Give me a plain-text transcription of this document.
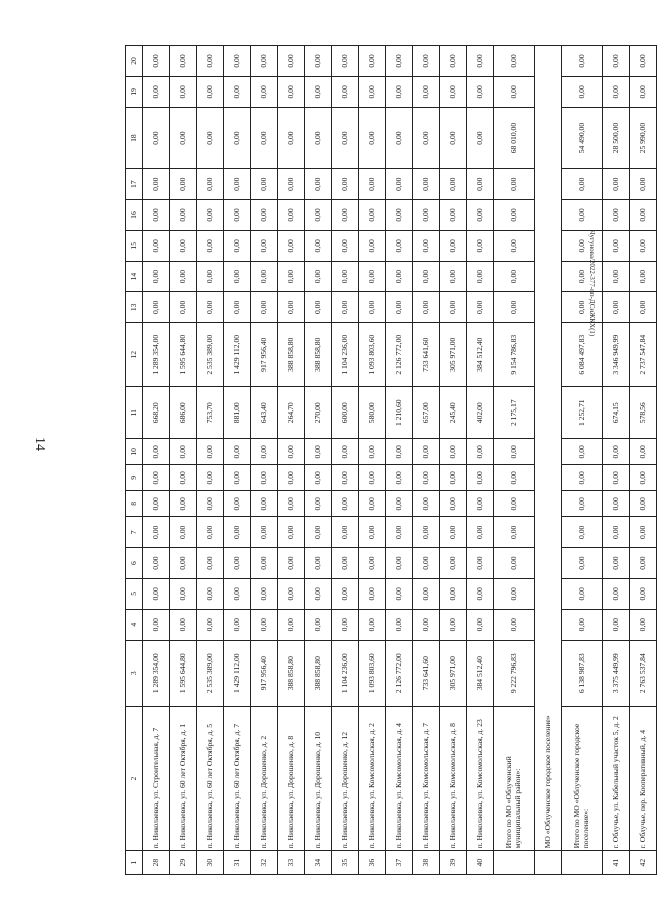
14
1	2	3	4	5	6	7	8	9	10	11	12	13	14	15	16	17	18	19	20
28	п. Николаевка, ул. Строительная, д. 7	1 289 354,00	0,00	0,00	0,00	0,00	0,00	0,00	0,00	668,20	1 289 354,00	0,00	0,00	0,00	0,00	0,00	0,00	0,00	0,00
29	п. Николаевка, ул. 60 лет Октября, д. 1	1 595 644,80	0,00	0,00	0,00	0,00	0,00	0,00	0,00	686,00	1 595 644,80	0,00	0,00	0,00	0,00	0,00	0,00	0,00	0,00
30	п. Николаевка, ул. 60 лет Октября, д. 5	2 535 389,00	0,00	0,00	0,00	0,00	0,00	0,00	0,00	753,70	2 535 389,00	0,00	0,00	0,00	0,00	0,00	0,00	0,00	0,00
31	п. Николаевка, ул. 60 лет Октября, д. 7	1 429 112,00	0,00	0,00	0,00	0,00	0,00	0,00	0,00	881,00	1 429 112,00	0,00	0,00	0,00	0,00	0,00	0,00	0,00	0,00
32	п. Николаевка, ул. Дорошенко, д. 2	917 956,40	0,00	0,00	0,00	0,00	0,00	0,00	0,00	643,40	917 956,40	0,00	0,00	0,00	0,00	0,00	0,00	0,00	0,00
33	п. Николаевка, ул. Дорошенко, д. 8	388 858,80	0,00	0,00	0,00	0,00	0,00	0,00	0,00	264,70	388 858,80	0,00	0,00	0,00	0,00	0,00	0,00	0,00	0,00
34	п. Николаевка, ул. Дорошенко, д. 10	388 858,80	0,00	0,00	0,00	0,00	0,00	0,00	0,00	270,00	388 858,80	0,00	0,00	0,00	0,00	0,00	0,00	0,00	0,00
35	п. Николаевка, ул. Дорошенко, д. 12	1 104 236,00	0,00	0,00	0,00	0,00	0,00	0,00	0,00	600,00	1 104 236,00	0,00	0,00	0,00	0,00	0,00	0,00	0,00	0,00
36	п. Николаевка, ул. Комсомольская, д. 2	1 093 803,60	0,00	0,00	0,00	0,00	0,00	0,00	0,00	580,00	1 093 803,60	0,00	0,00	0,00	0,00	0,00	0,00	0,00	0,00
37	п. Николаевка, ул. Комсомольская, д. 4	2 126 772,00	0,00	0,00	0,00	0,00	0,00	0,00	0,00	1 210,60	2 126 772,00	0,00	0,00	0,00	0,00	0,00	0,00	0,00	0,00
38	п. Николаевка, ул. Комсомольская, д. 7	733 641,60	0,00	0,00	0,00	0,00	0,00	0,00	0,00	657,00	733 641,60	0,00	0,00	0,00	0,00	0,00	0,00	0,00	0,00
39	п. Николаевка, ул. Комсомольская, д. 8	305 971,00	0,00	0,00	0,00	0,00	0,00	0,00	0,00	245,40	305 971,00	0,00	0,00	0,00	0,00	0,00	0,00	0,00	0,00
40	п. Николаевка, ул. Комсомольская, д. 23	384 512,40	0,00	0,00	0,00	0,00	0,00	0,00	0,00	402,00	384 512,40	0,00	0,00	0,00	0,00	0,00	0,00	0,00	0,00
	Итого по МО «Облученский муниципальный район»:	9 222 796,83	0,00	0,00	0,00	0,00	0,00	0,00	0,00	2 175,17	9 154 786,83	0,00	0,00	0,00	0,00	0,00	68 010,00	0,00	0,00
	МО «Облученское городское поселение»																		
	Итого по МО «Облученское городское поселение»:	6 138 987,83	0,00	0,00	0,00	0,00	0,00	0,00	0,00	1 252,71	6 084 497,83	0,00	0,00	0,00	0,00	0,00	54 490,00	0,00	0,00
41	г. Облучье, ул. Кабельный участок 5, д. 2	3 375 449,99	0,00	0,00	0,00	0,00	0,00	0,00	0,00	674,15	3 346 949,99	0,00	0,00	0,00	0,00	0,00	28 500,00	0,00	0,00
42	г. Облучье, пер. Кооперативный, д. 4	2 763 537,84	0,00	0,00	0,00	0,00	0,00	0,00	0,00	578,56	2 737 547,84	0,00	0,00	0,00	0,00	0,00	25 990,00	0,00	0,00
Чугунова/2022-377-пп-ДСиЖКХ(1)
